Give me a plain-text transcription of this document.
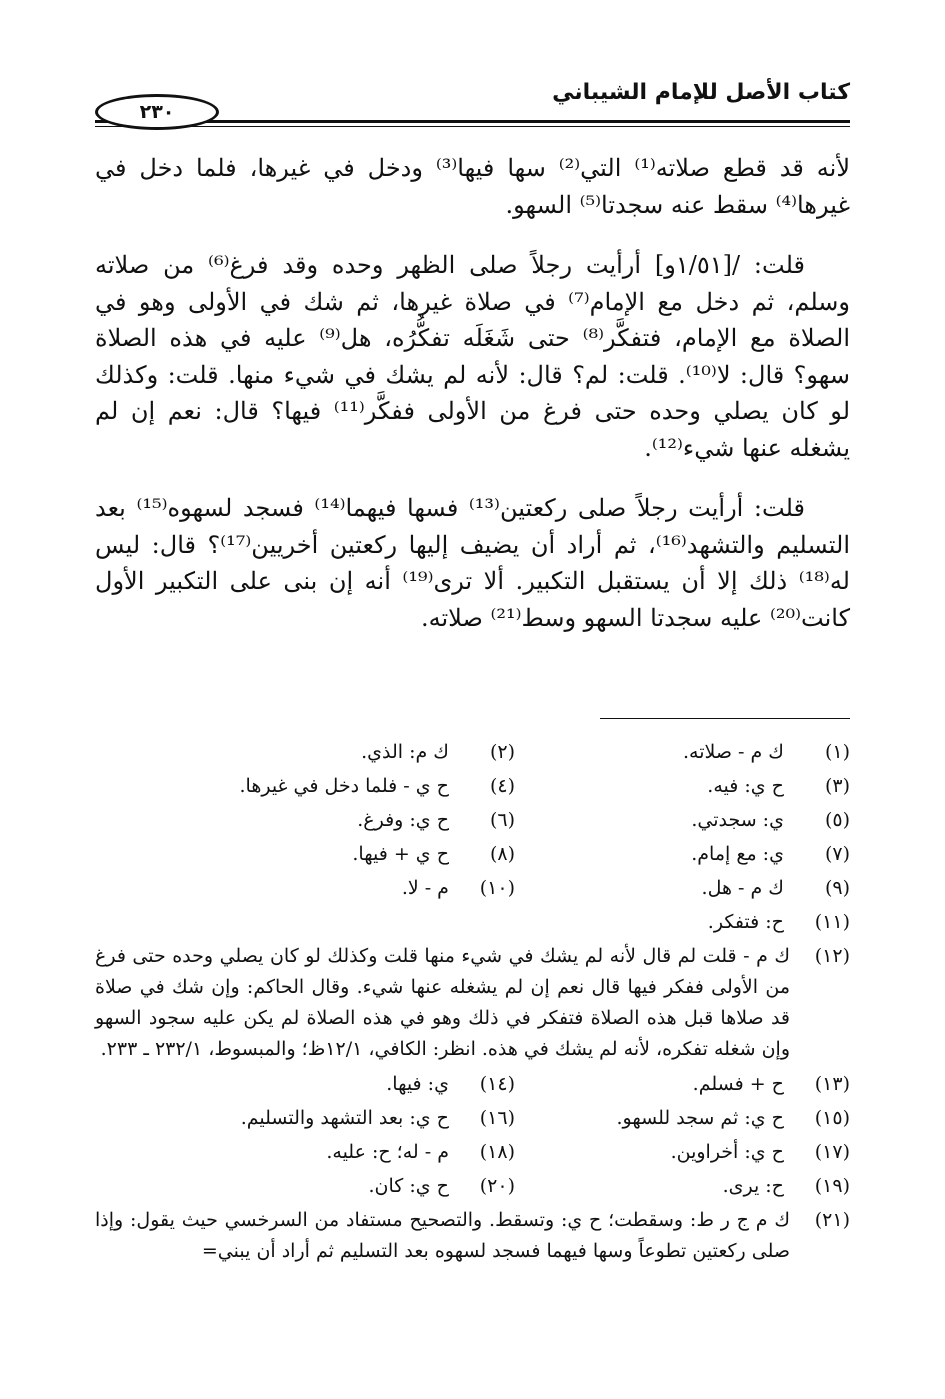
كتاب الأصل للإمام الشيباني
٢٣٠

لأنه قد قطع صلاته⁽¹⁾ التي⁽²⁾ سها فيها⁽³⁾ ودخل في غيرها، فلما دخل في غيرها⁽⁴⁾ سقط عنه سجدتا⁽⁵⁾ السهو.

قلت: /[١/٥١و] أرأيت رجلاً صلى الظهر وحده وقد فرغ⁽⁶⁾ من صلاته وسلم، ثم دخل مع الإمام⁽⁷⁾ في صلاة غيرها، ثم شك في الأولى وهو في الصلاة مع الإمام، فتفكَّر⁽⁸⁾ حتى شَغَلَه تفكُّرُه، هل⁽⁹⁾ عليه في هذه الصلاة سهو؟ قال: لا⁽¹⁰⁾. قلت: لم؟ قال: لأنه لم يشك في شيء منها. قلت: وكذلك لو كان يصلي وحده حتى فرغ من الأولى ففكَّر⁽¹¹⁾ فيها؟ قال: نعم إن لم يشغله عنها شيء⁽¹²⁾.

قلت: أرأيت رجلاً صلى ركعتين⁽¹³⁾ فسها فيهما⁽¹⁴⁾ فسجد لسهوه⁽¹⁵⁾ بعد التسليم والتشهد⁽¹⁶⁾، ثم أراد أن يضيف إليها ركعتين أخريين⁽¹⁷⁾؟ قال: ليس له⁽¹⁸⁾ ذلك إلا أن يستقبل التكبير. ألا ترى⁽¹⁹⁾ أنه إن بنى على التكبير الأول كانت⁽²⁰⁾ عليه سجدتا السهو وسط⁽²¹⁾ صلاته.

(١) ك م - صلاته.
(٢) ك م: الذي.
(٣) ح ي: فيه.
(٤) ح ي - فلما دخل في غيرها.
(٥) ي: سجدتي.
(٦) ح ي: وفرغ.
(٧) ي: مع إمام.
(٨) ح ي + فيها.
(٩) ك م - هل.
(١٠) م - لا.
(١١) ح: فتفكر.
(١٢)
ك م - قلت لم قال لأنه لم يشك في شيء منها قلت وكذلك لو كان يصلي وحده حتى فرغ من الأولى ففكر فيها قال نعم إن لم يشغله عنها شيء. وقال الحاكم: وإن شك في صلاة قد صلاها قبل هذه الصلاة فتفكر في ذلك وهو في هذه الصلاة لم يكن عليه سجود السهو وإن شغله تفكره، لأنه لم يشك في هذه. انظر: الكافي، ١٢/١ظ؛ والمبسوط، ٢٣٢/١ ـ ٢٣٣.
(١٣) ح + فسلم.
(١٤) ي: فيها.
(١٥) ح ي: ثم سجد للسهو.
(١٦) ح ي: بعد التشهد والتسليم.
(١٧) ح ي: أخراوين.
(١٨) م - له؛ ح: عليه.
(١٩) ح: يرى.
(٢٠) ح ي: كان.
(٢١)
ك م ج ر ط: وسقطت؛ ح ي: وتسقط. والتصحيح مستفاد من السرخسي حيث يقول: وإذا صلى ركعتين تطوعاً وسها فيهما فسجد لسهوه بعد التسليم ثم أراد أن يبني=
